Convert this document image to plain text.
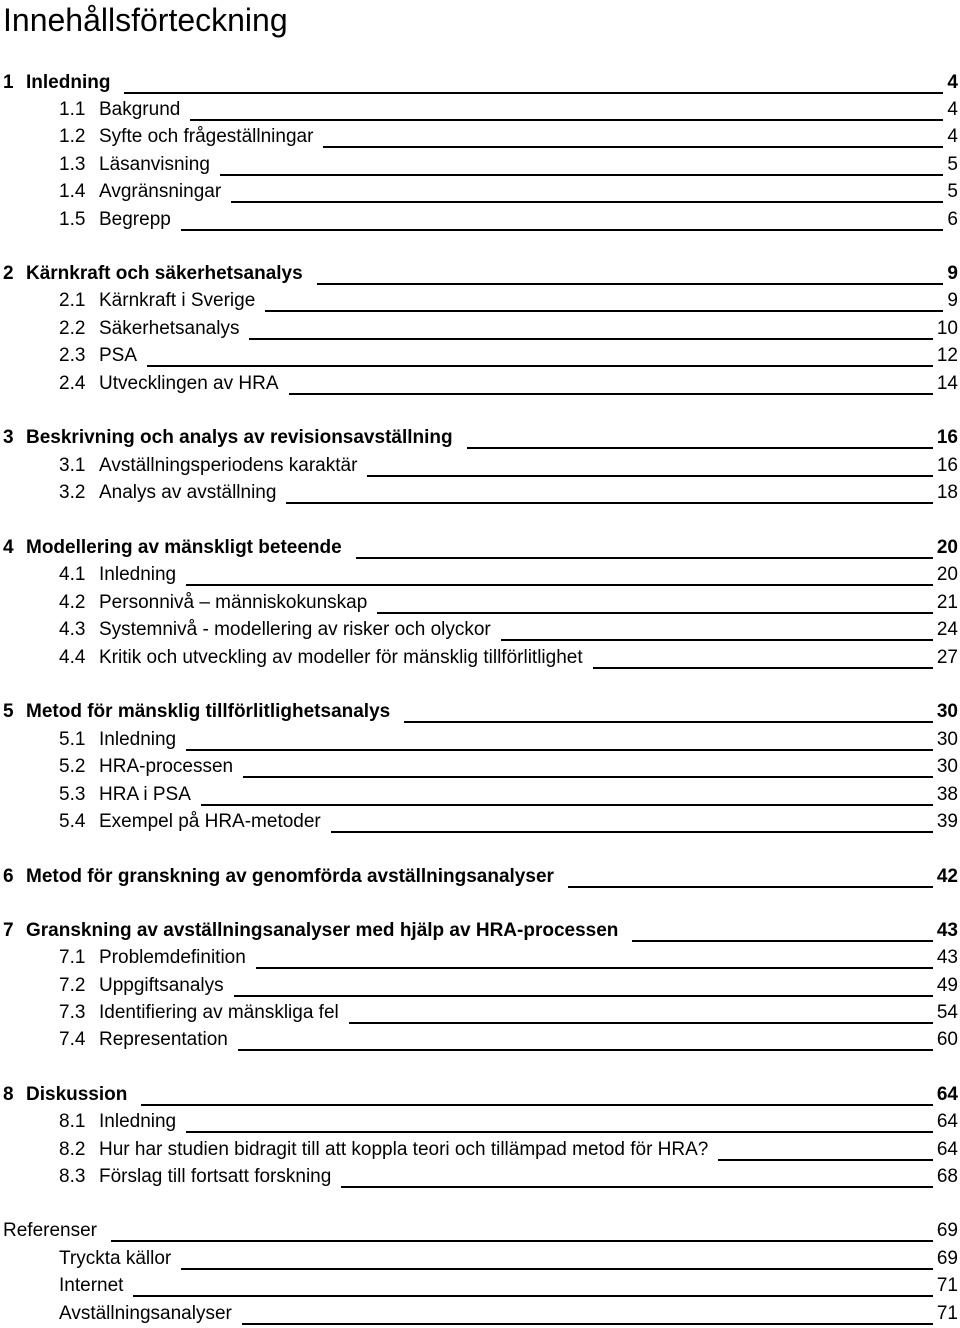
Innehållsförteckning
1 Inledning	4
1.1 Bakgrund	4
1.2 Syfte och frågeställningar	4
1.3 Läsanvisning	5
1.4 Avgränsningar	5
1.5 Begrepp	6
2 Kärnkraft och säkerhetsanalys	9
2.1 Kärnkraft i Sverige	9
2.2 Säkerhetsanalys	10
2.3 PSA	12
2.4 Utvecklingen av HRA	14
3 Beskrivning och analys av revisionsavställning	16
3.1 Avställningsperiodens karaktär	16
3.2 Analys av avställning	18
4 Modellering av mänskligt beteende	20
4.1 Inledning	20
4.2 Personnivå – människokunskap	21
4.3 Systemnivå - modellering av risker och olyckor	24
4.4 Kritik och utveckling av modeller för mänsklig tillförlitlighet	27
5 Metod för mänsklig tillförlitlighetsanalys	30
5.1 Inledning	30
5.2 HRA-processen	30
5.3 HRA i PSA	38
5.4 Exempel på HRA-metoder	39
6 Metod för granskning av genomförda avställningsanalyser	42
7 Granskning av avställningsanalyser med hjälp av HRA-processen	43
7.1 Problemdefinition	43
7.2 Uppgiftsanalys	49
7.3 Identifiering av mänskliga fel	54
7.4 Representation	60
8 Diskussion	64
8.1 Inledning	64
8.2 Hur har studien bidragit till att koppla teori och tillämpad metod för HRA?	64
8.3 Förslag till fortsatt forskning	68
Referenser	69
Tryckta källor	69
Internet	71
Avställningsanalyser	71
